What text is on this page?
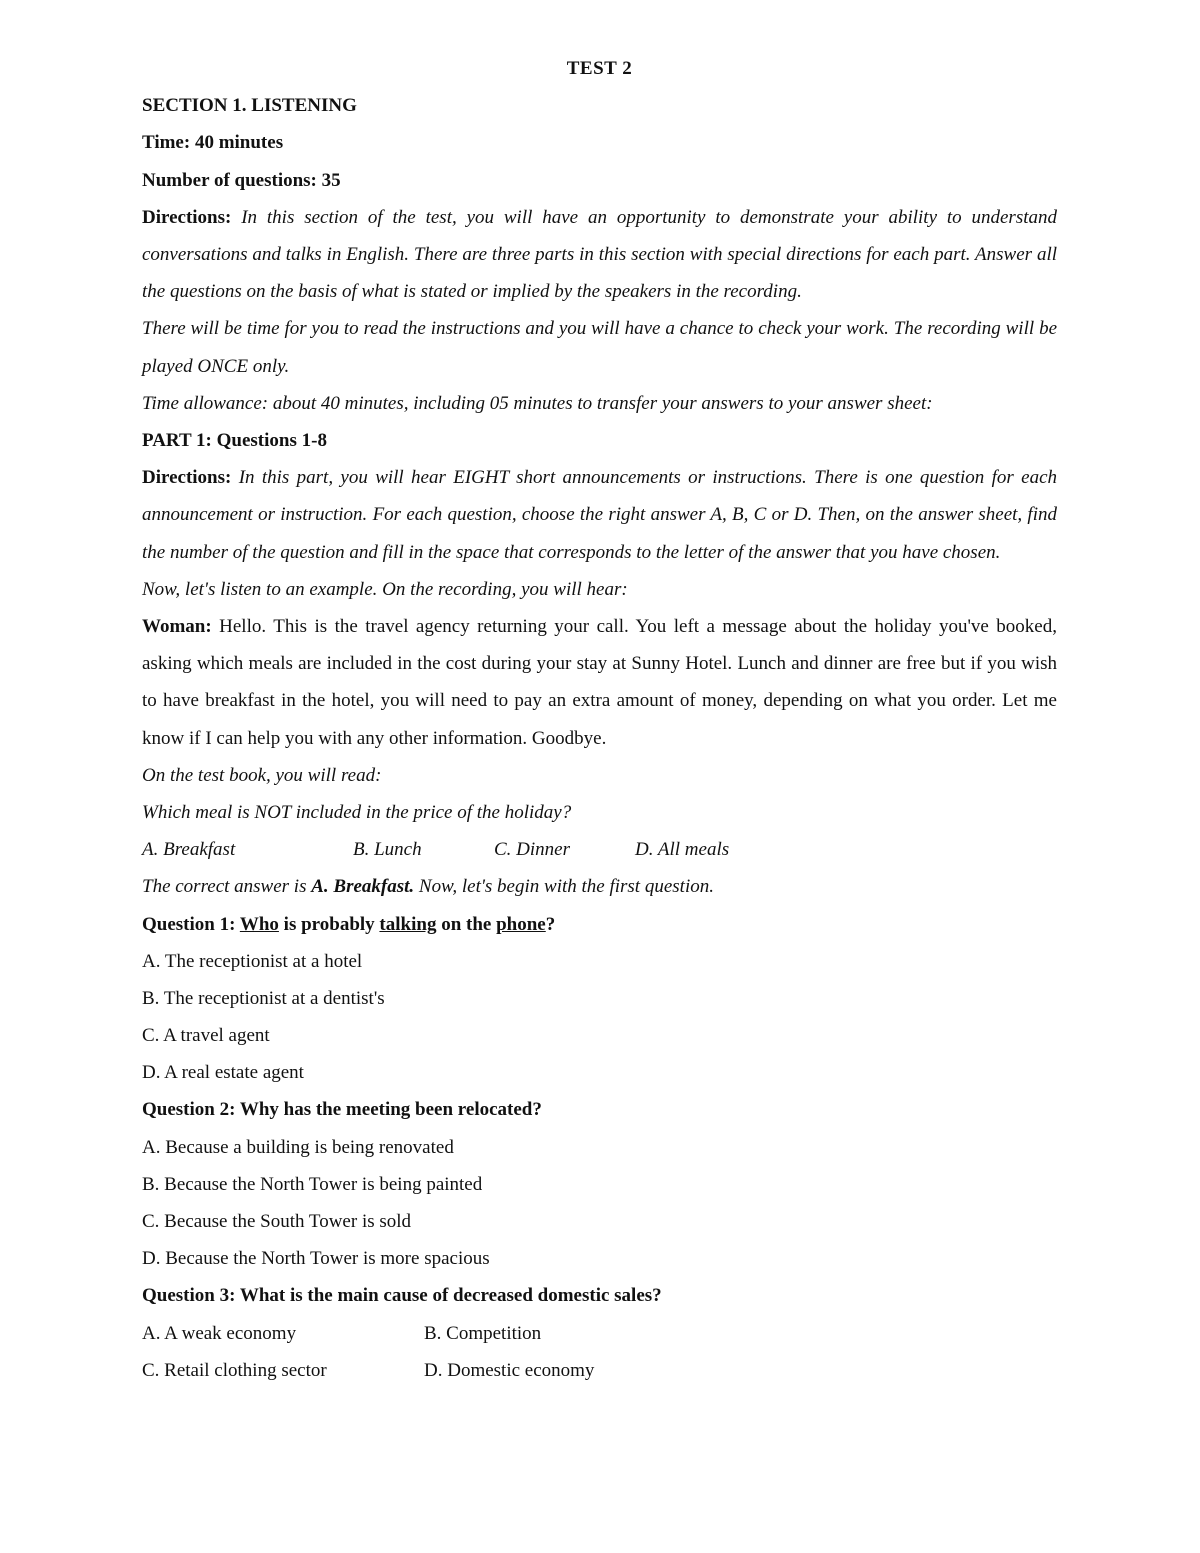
TEST 2

SECTION 1. LISTENING

Time: 40 minutes

Number of questions: 35

Directions: In this section of the test, you will have an opportunity to demonstrate your ability to understand conversations and talks in English. There are three parts in this section with special directions for each part. Answer all the questions on the basis of what is stated or implied by the speakers in the recording.

There will be time for you to read the instructions and you will have a chance to check your work. The recording will be played ONCE only.

Time allowance: about 40 minutes, including 05 minutes to transfer your answers to your answer sheet:

PART 1: Questions 1-8

Directions: In this part, you will hear EIGHT short announcements or instructions. There is one question for each announcement or instruction. For each question, choose the right answer A, B, C or D. Then, on the answer sheet, find the number of the question and fill in the space that corresponds to the letter of the answer that you have chosen.

Now, let's listen to an example. On the recording, you will hear:

Woman: Hello. This is the travel agency returning your call. You left a message about the holiday you've booked, asking which meals are included in the cost during your stay at Sunny Hotel. Lunch and dinner are free but if you wish to have breakfast in the hotel, you will need to pay an extra amount of money, depending on what you order. Let me know if I can help you with any other information. Goodbye.

On the test book, you will read:

Which meal is NOT included in the price of the holiday?

A. Breakfast	B. Lunch	C. Dinner	D. All meals

The correct answer is A. Breakfast. Now, let's begin with the first question.

Question 1: Who is probably talking on the phone?

A. The receptionist at a hotel

B. The receptionist at a dentist's

C. A travel agent

D. A real estate agent

Question 2: Why has the meeting been relocated?

A. Because a building is being renovated

B. Because the North Tower is being painted

C. Because the South Tower is sold

D. Because the North Tower is more spacious

Question 3: What is the main cause of decreased domestic sales?

A. A weak economy	B. Competition
C. Retail clothing sector	D. Domestic economy
